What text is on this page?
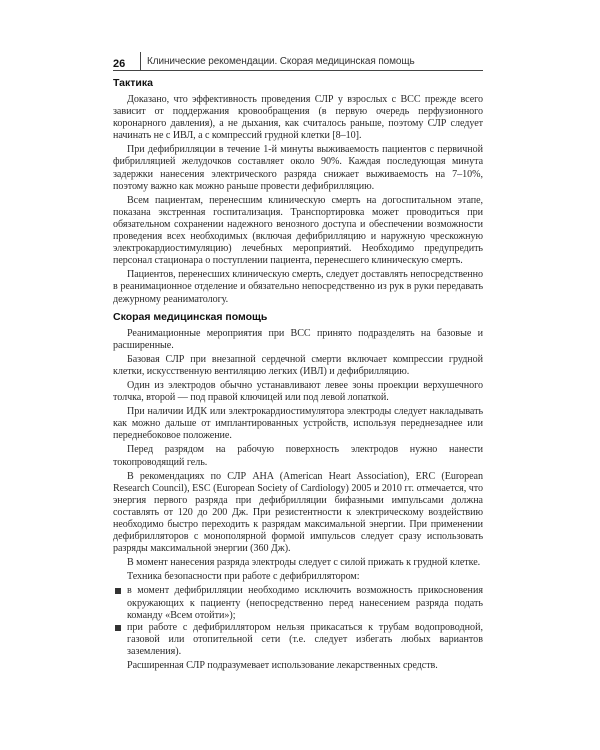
26 Клинические рекомендации. Скорая медицинская помощь
Тактика

Доказано, что эффективность проведения СЛР у взрослых с ВСС прежде всего зависит от поддержания кровообращения (в первую очередь перфузионного коронарного давления), а не дыхания, как считалось раньше, поэтому СЛР следует начинать не с ИВЛ, а с компрессий грудной клетки [8–10].

При дефибрилляции в течение 1-й минуты выживаемость пациентов с первичной фибрилляцией желудочков составляет около 90%. Каждая последующая минута задержки нанесения электрического разряда снижает выживаемость на 7–10%, поэтому важно как можно раньше провести дефибрилляцию.

Всем пациентам, перенесшим клиническую смерть на догоспитальном этапе, показана экстренная госпитализация. Транспортировка может проводиться при обязательном сохранении надежного венозного доступа и обеспечении возможности проведения всех необходимых (включая дефибрилляцию и наружную чрескожную электрокардиостимуляцию) лечебных мероприятий. Необходимо предупредить персонал стационара о поступлении пациента, перенесшего клиническую смерть.

Пациентов, перенесших клиническую смерть, следует доставлять непосредственно в реанимационное отделение и обязательно непосредственно из рук в руки передавать дежурному реаниматологу.

Скорая медицинская помощь

Реанимационные мероприятия при ВСС принято подразделять на базовые и расширенные.

Базовая СЛР при внезапной сердечной смерти включает компрессии грудной клетки, искусственную вентиляцию легких (ИВЛ) и дефибрилляцию.

Один из электродов обычно устанавливают левее зоны проекции верхушечного толчка, второй — под правой ключицей или под левой лопаткой.

При наличии ИДК или электрокардиостимулятора электроды следует накладывать как можно дальше от имплантированных устройств, используя переднезаднее или переднебоковое положение.

Перед разрядом на рабочую поверхность электродов нужно нанести токопроводящий гель.

В рекомендациях по СЛР AHA (American Heart Association), ERC (European Research Council), ESC (European Society of Cardiology) 2005 и 2010 гг. отмечается, что энергия первого разряда при дефибрилляции бифазными импульсами должна составлять от 120 до 200 Дж. При резистентности к электрическому воздействию необходимо быстро переходить к разрядам максимальной энергии. При применении дефибрилляторов с монополярной формой импульсов следует сразу использовать разряды максимальной энергии (360 Дж).

В момент нанесения разряда электроды следует с силой прижать к грудной клетке.

Техника безопасности при работе с дефибриллятором:

в момент дефибрилляции необходимо исключить возможность прикосновения окружающих к пациенту (непосредственно перед нанесением разряда подать команду «Всем отойти»);
при работе с дефибриллятором нельзя прикасаться к трубам водопроводной, газовой или отопительной сети (т.е. следует избегать любых вариантов заземления).

Расширенная СЛР подразумевает использование лекарственных средств.
